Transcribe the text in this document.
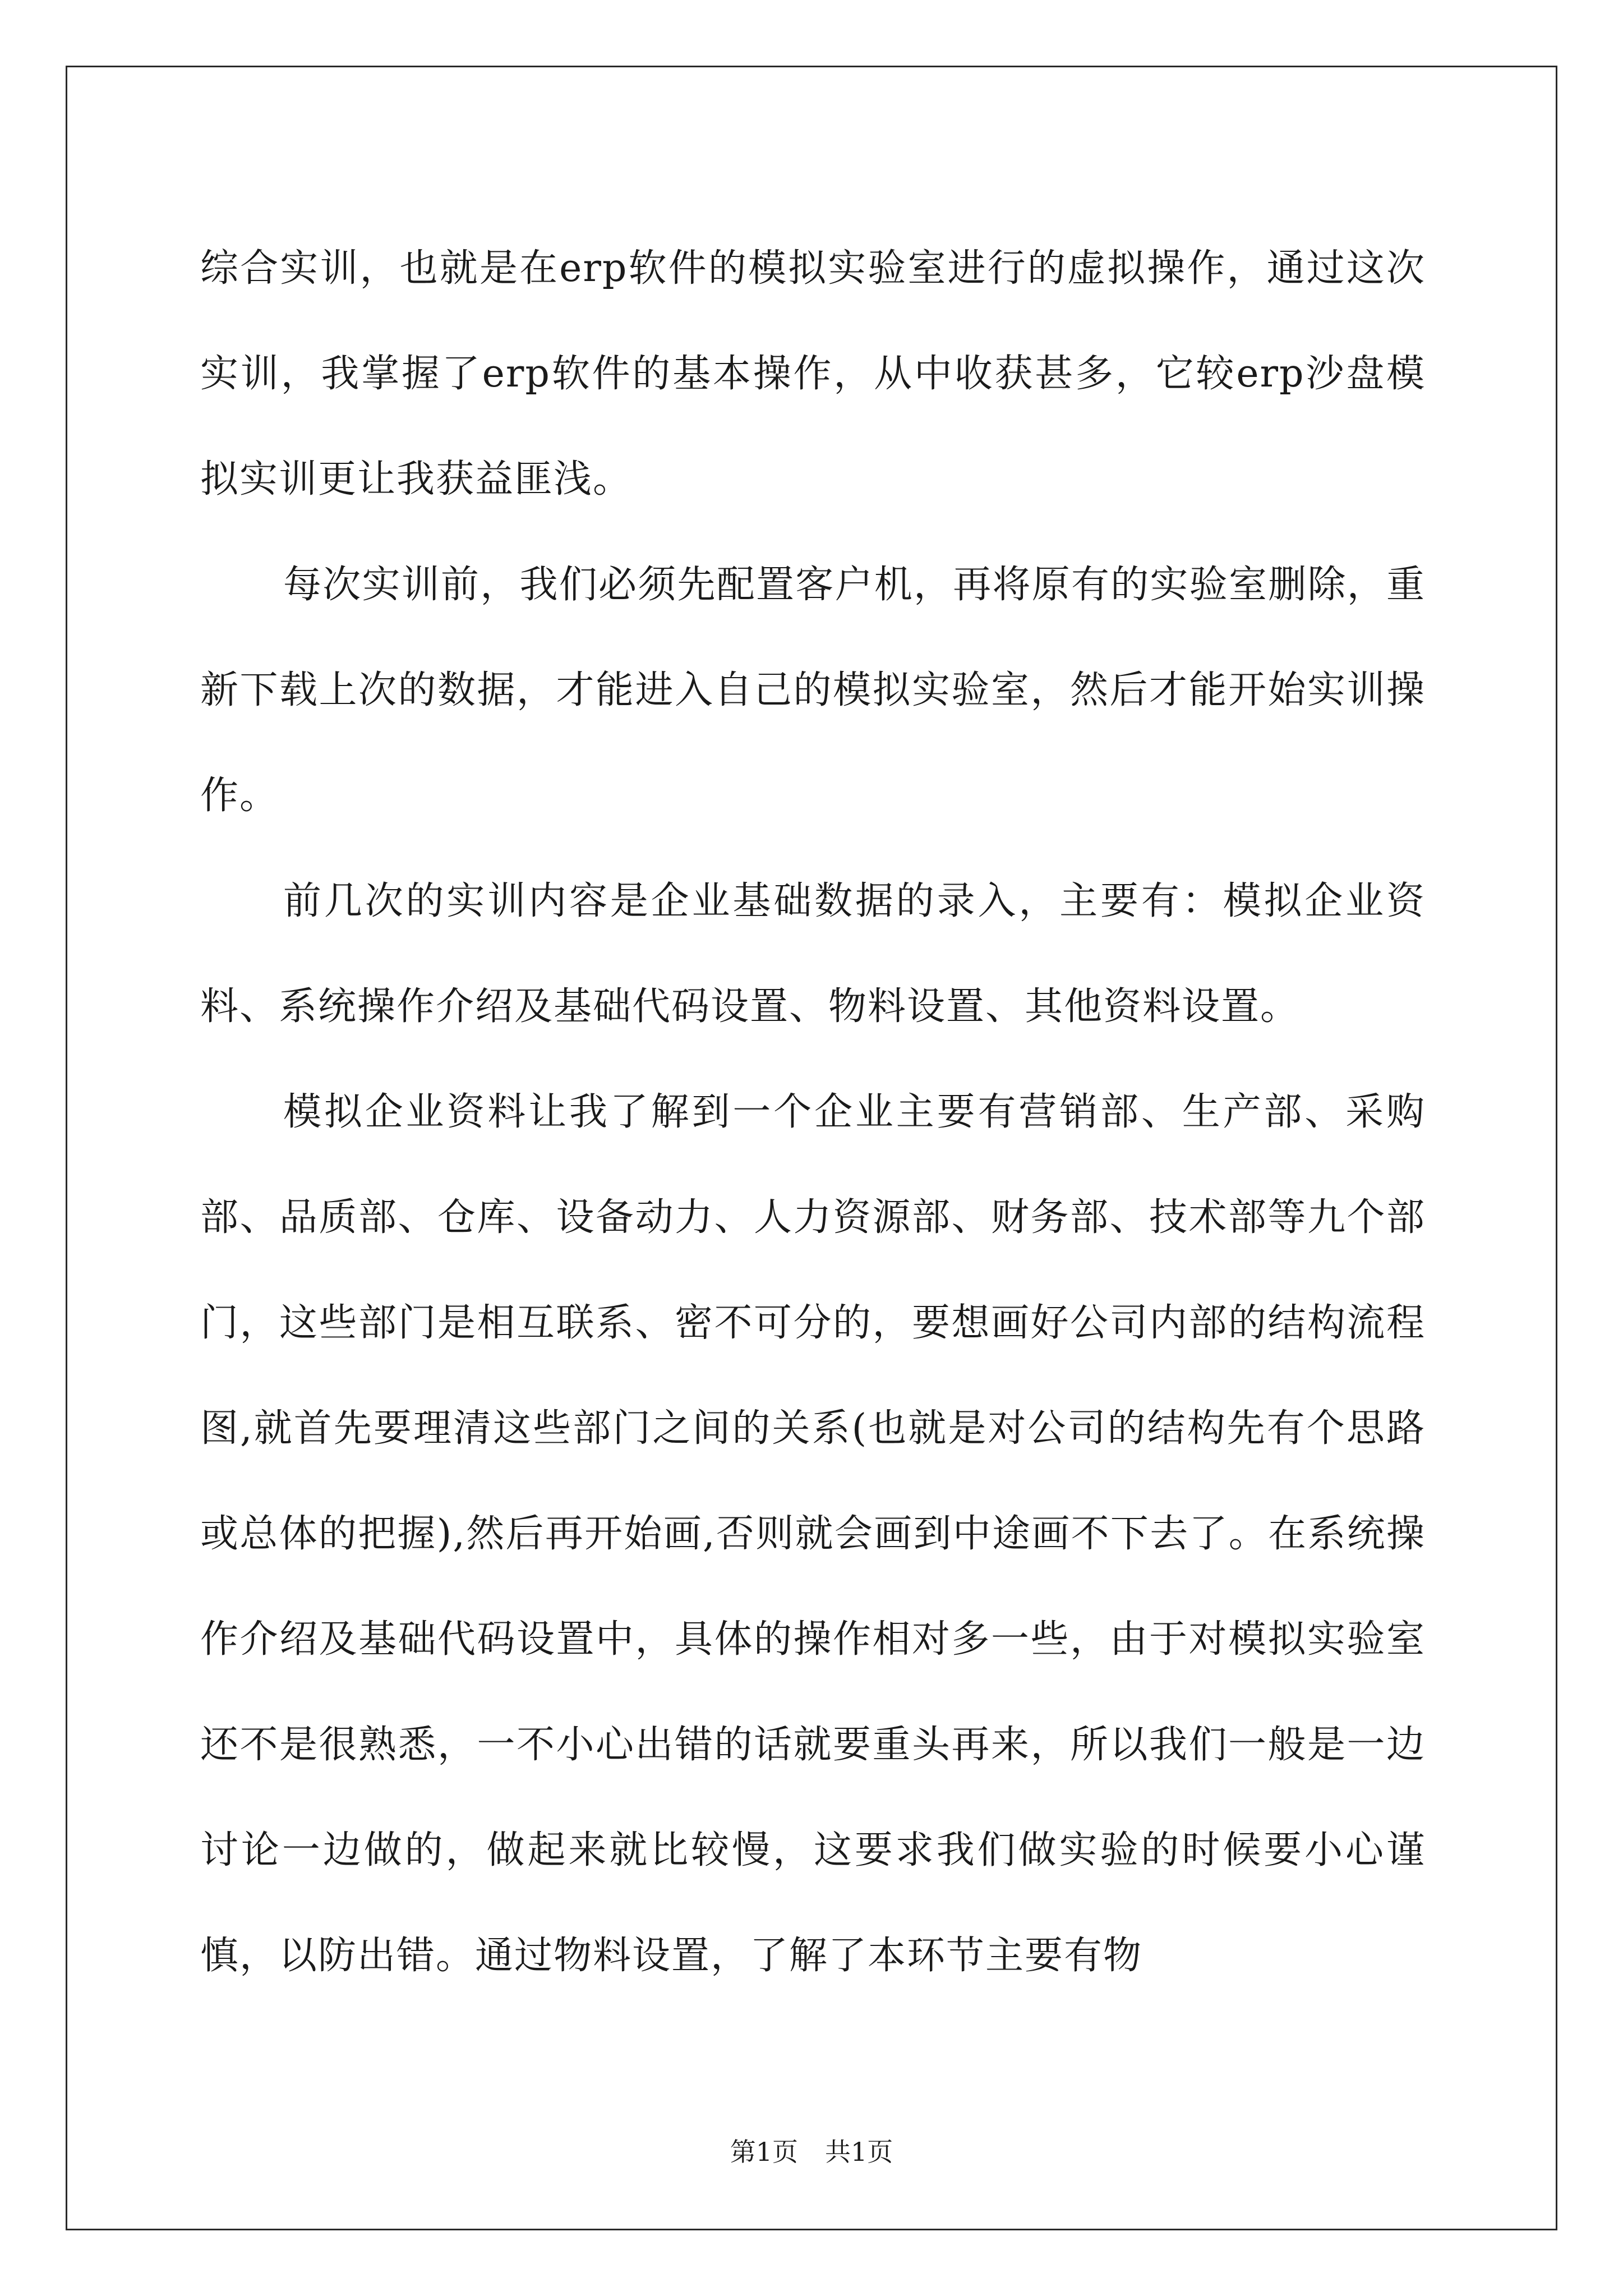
综合实训，也就是在erp软件的模拟实验室进行的虚拟操作，通过这次实训，我掌握了erp软件的基本操作，从中收获甚多，它较erp沙盘模拟实训更让我获益匪浅。

每次实训前，我们必须先配置客户机，再将原有的实验室删除，重新下载上次的数据，才能进入自己的模拟实验室，然后才能开始实训操作。

前几次的实训内容是企业基础数据的录入，主要有：模拟企业资料、系统操作介绍及基础代码设置、物料设置、其他资料设置。

模拟企业资料让我了解到一个企业主要有营销部、生产部、采购部、品质部、仓库、设备动力、人力资源部、财务部、技术部等九个部门，这些部门是相互联系、密不可分的，要想画好公司内部的结构流程图,就首先要理清这些部门之间的关系(也就是对公司的结构先有个思路或总体的把握),然后再开始画,否则就会画到中途画不下去了。在系统操作介绍及基础代码设置中，具体的操作相对多一些，由于对模拟实验室还不是很熟悉，一不小心出错的话就要重头再来，所以我们一般是一边讨论一边做的，做起来就比较慢，这要求我们做实验的时候要小心谨慎，以防出错。通过物料设置，了解了本环节主要有物

第1页 共1页
